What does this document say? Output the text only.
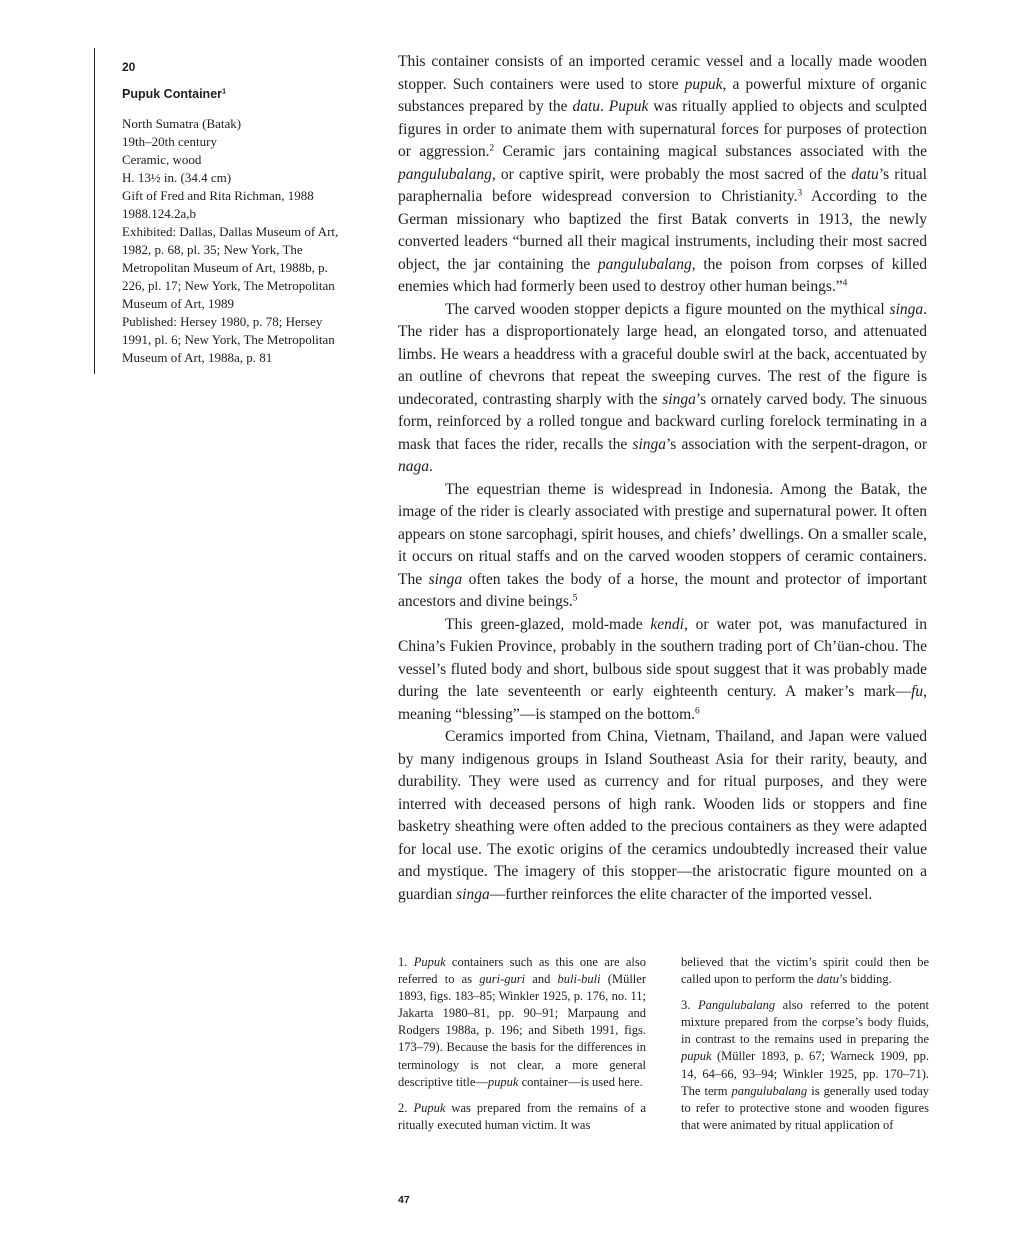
20
Pupuk Container$^1$

North Sumatra (Batak)

19th–20th century

Ceramic, wood

H. 13½ in. (34.4 cm)

Gift of Fred and Rita Richman, 1988

1988.124.2a,b

Exhibited: Dallas, Dallas Museum of Art, 1982, p. 68, pl. 35; New York, The Metropolitan Museum of Art, 1988b, p. 226, pl. 17; New York, The Metropolitan Museum of Art, 1989

Published: Hersey 1980, p. 78; Hersey 1991, pl. 6; New York, The Metropolitan Museum of Art, 1988a, p. 81

This container consists of an imported ceramic vessel and a locally made wooden stopper. Such containers were used to store pupuk, a powerful mixture of organic substances prepared by the datu. Pupuk was ritually applied to objects and sculpted figures in order to animate them with supernatural forces for purposes of protection or aggression.$^2$ Ceramic jars containing magical substances associated with the pangulubalang, or captive spirit, were probably the most sacred of the datu’s ritual paraphernalia before widespread conversion to Christianity.$^3$ According to the German missionary who baptized the first Batak converts in 1913, the newly converted leaders “burned all their magical instruments, including their most sacred object, the jar containing the pangulubalang, the poison from corpses of killed enemies which had formerly been used to destroy other human beings.”$^4$

The carved wooden stopper depicts a figure mounted on the mythical singa. The rider has a disproportionately large head, an elongated torso, and attenuated limbs. He wears a headdress with a graceful double swirl at the back, accentuated by an outline of chevrons that repeat the sweeping curves. The rest of the figure is undecorated, contrasting sharply with the singa’s ornately carved body. The sinuous form, reinforced by a rolled tongue and backward curling forelock terminating in a mask that faces the rider, recalls the singa’s association with the serpent-dragon, or naga.

The equestrian theme is widespread in Indonesia. Among the Batak, the image of the rider is clearly associated with prestige and supernatural power. It often appears on stone sarcophagi, spirit houses, and chiefs’ dwellings. On a smaller scale, it occurs on ritual staffs and on the carved wooden stoppers of ceramic containers. The singa often takes the body of a horse, the mount and protector of important ancestors and divine beings.$^5$

This green-glazed, mold-made kendi, or water pot, was manufactured in China’s Fukien Province, probably in the southern trading port of Ch’üan-chou. The vessel’s fluted body and short, bulbous side spout suggest that it was probably made during the late seventeenth or early eighteenth century. A maker’s mark—fu, meaning “blessing”—is stamped on the bottom.$^6$

Ceramics imported from China, Vietnam, Thailand, and Japan were valued by many indigenous groups in Island Southeast Asia for their rarity, beauty, and durability. They were used as currency and for ritual purposes, and they were interred with deceased persons of high rank. Wooden lids or stoppers and fine basketry sheathing were often added to the precious containers as they were adapted for local use. The exotic origins of the ceramics undoubtedly increased their value and mystique. The imagery of this stopper—the aristocratic figure mounted on a guardian singa—further reinforces the elite character of the imported vessel.

1. Pupuk containers such as this one are also referred to as guri-guri and buli-buli (Müller 1893, figs. 183–85; Winkler 1925, p. 176, no. 11; Jakarta 1980–81, pp. 90–91; Marpaung and Rodgers 1988a, p. 196; and Sibeth 1991, figs. 173–79). Because the basis for the differences in terminology is not clear, a more general descriptive title—pupuk container—is used here.

2. Pupuk was prepared from the remains of a ritually executed human victim. It was

believed that the victim’s spirit could then be called upon to perform the datu’s bidding.

3. Pangulubalang also referred to the potent mixture prepared from the corpse’s body fluids, in contrast to the remains used in preparing the pupuk (Müller 1893, p. 67; Warneck 1909, pp. 14, 64–66, 93–94; Winkler 1925, pp. 170–71). The term pangulubalang is generally used today to refer to protective stone and wooden figures that were animated by ritual application of

47
